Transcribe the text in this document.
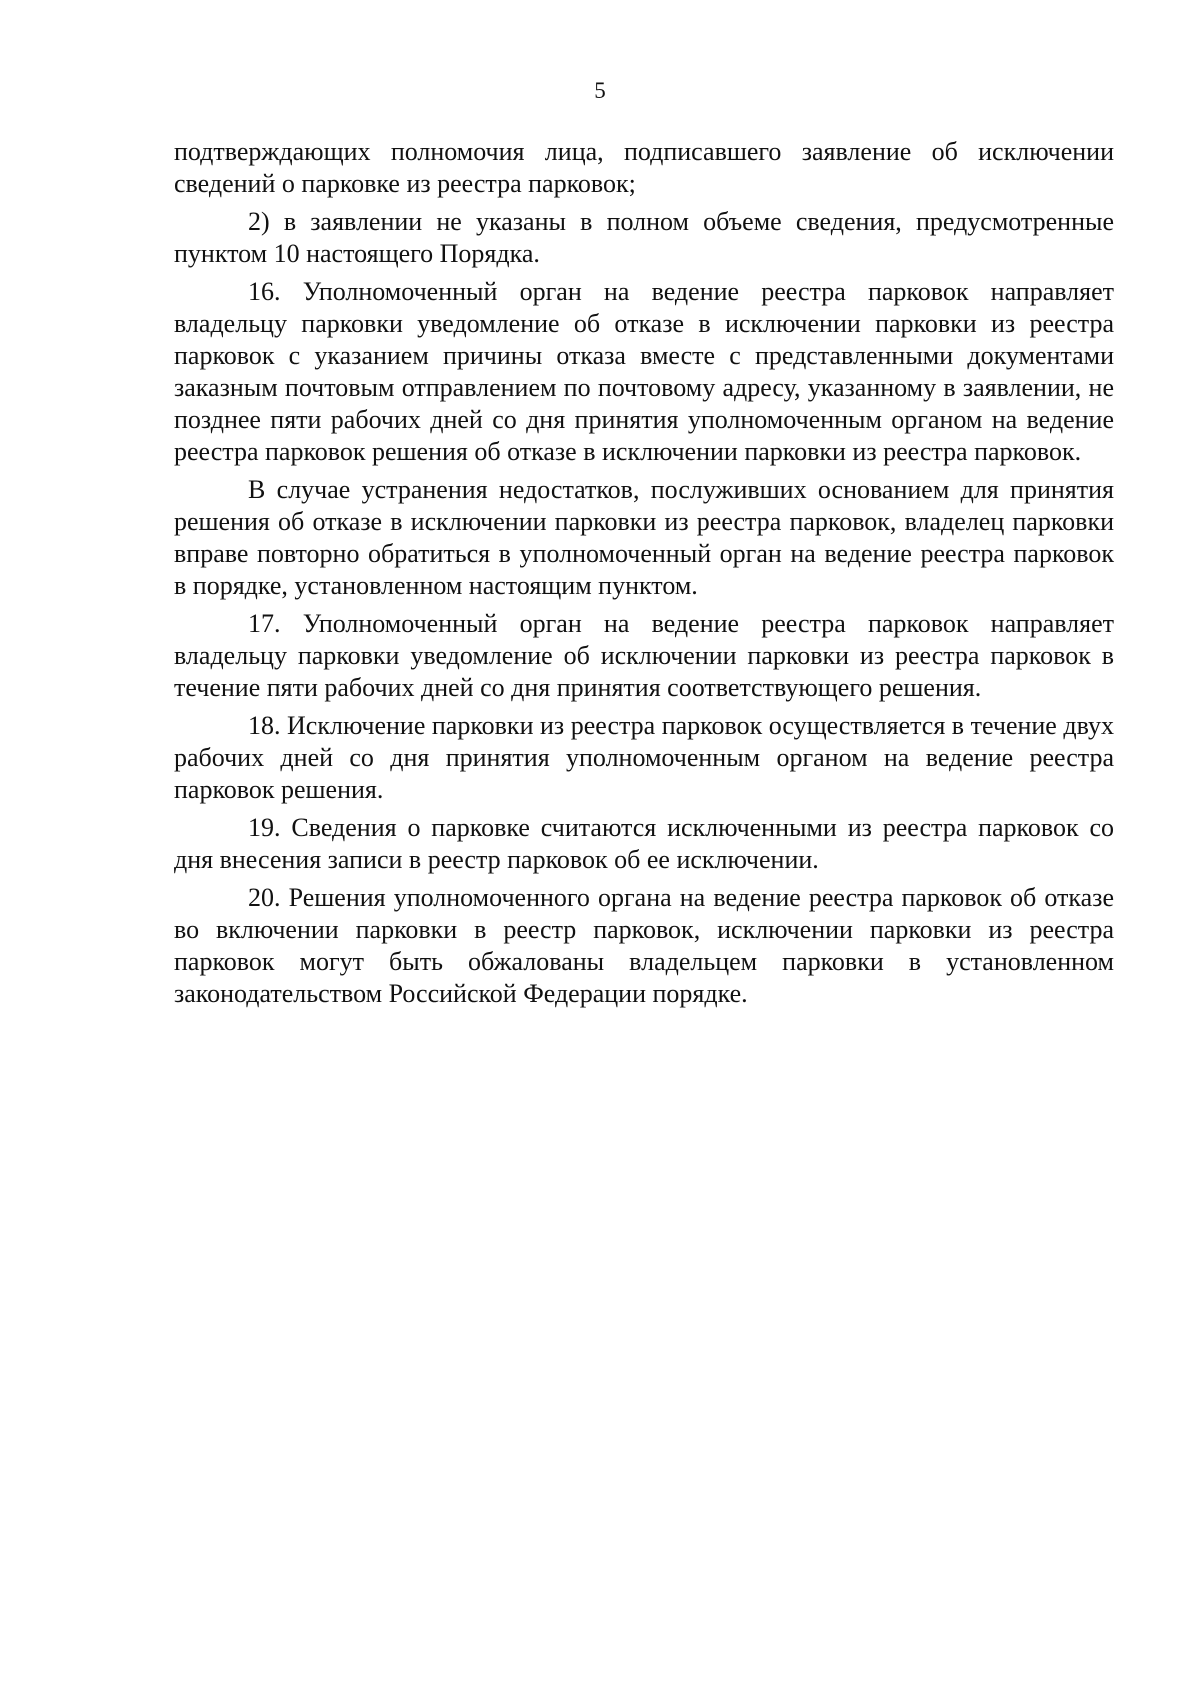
5

подтверждающих полномочия лица, подписавшего заявление об исключении сведений о парковке из реестра парковок;

2) в заявлении не указаны в полном объеме сведения, предусмотренные пунктом 10 настоящего Порядка.

16. Уполномоченный орган на ведение реестра парковок направляет владельцу парковки уведомление об отказе в исключении парковки из реестра парковок с указанием причины отказа вместе с представленными документами заказным почтовым отправлением по почтовому адресу, указанному в заявлении, не позднее пяти рабочих дней со дня принятия уполномоченным органом на ведение реестра парковок решения об отказе в исключении парковки из реестра парковок.

В случае устранения недостатков, послуживших основанием для принятия решения об отказе в исключении парковки из реестра парковок, владелец парковки вправе повторно обратиться в уполномоченный орган на ведение реестра парковок в порядке, установленном настоящим пунктом.

17. Уполномоченный орган на ведение реестра парковок направляет владельцу парковки уведомление об исключении парковки из реестра парковок в течение пяти рабочих дней со дня принятия соответствующего решения.

18. Исключение парковки из реестра парковок осуществляется в течение двух рабочих дней со дня принятия уполномоченным органом на ведение реестра парковок решения.

19. Сведения о парковке считаются исключенными из реестра парковок со дня внесения записи в реестр парковок об ее исключении.

20. Решения уполномоченного органа на ведение реестра парковок об отказе во включении парковки в реестр парковок, исключении парковки из реестра парковок могут быть обжалованы владельцем парковки в установленном законодательством Российской Федерации порядке.
